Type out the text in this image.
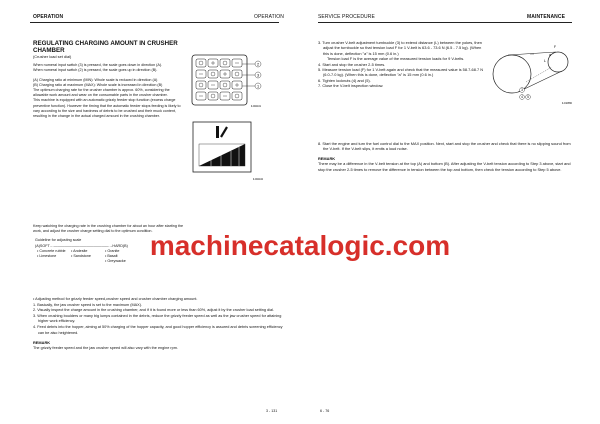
OPERATION	OPERATION	SERVICE PROCEDURE	MAINTENANCE

REGULATING CHARGING AMOUNT IN CRUSHER CHAMBER

(Crusher load set dial)

When numeral input switch (3) is pressed, the scale goes down in direction (A).

When numeral input switch (2) is pressed, the scale goes up in direction (B).

(A) Charging ratio at minimum (MIN): Whole scale is reduced in direction (A)

(B) Charging ratio at maximum (MAX): Whole scale is increased in direction (B)

The optimum charging rate for the crusher chamber is approx. 60%, considering the allowable work amount and wear on the consumable parts in the crusher chamber.

This machine is equipped with an automatic grizzly feeder stop function (excess charge preventive function). However the timing that the automatic feeder stops feeding is likely to vary according to the size and hardness of debris to be crushed and their muck content, resulting in the change in the actual charged amount in the crushing chamber.

Keep watching the charging rate in the crushing chamber for about an hour after starting the work, and adjust the crusher charge setting dial to the optimum condition.

Guideline for adjusting scale

(A)SOFT←———————————————→HARD(B)

• Concrete rubble	• Andesite	• Granite
• Limestone	• Sandstone	• Basalt
• Greywacke
2
3
1
0-002101
0-002102

• Adjusting method for grizzly feeder speed,crusher speed and crusher chamber charging amount.

1. Basically, the jaw crusher speed is set to the maximum (MAX).

2. Visually inspect the charge amount in the crushing chamber, and if it is found more or less than 60%, adjust it by the crusher load setting dial.

3. When crushing boulders or many big lumps contained in the debris, reduce the grizzly feeder speed as well as the jaw crusher speed for attaining higher work efficiency.

4. Feed debris into the hopper, aiming at 50% charging of the hopper capacity, and good hopper efficiency is assured and debris screening efficiency can be also heightened.

REMARK

The grizzly feeder speed and the jaw crusher speed will also vary with the engine rpm.

3. Turn crusher V-belt adjustment turnbuckle (3) to extend distance (L) between the yokes, then adjust the turnbuckle so that tension load F for 1 V-belt is 63.6 - 73.6 N (6.5 - 7.5 kg). (When this is done, deflection "a" is 15 mm (0.6 in.)

Tension load F is the average value of the measured tension loads for 9 V-belts.

4. Start and stop the crusher 2-5 times.

5. Measure tension load (F) for 1 V-belt again and check that the measured value is 58.7-68.7 N (6.0-7.0 kg). (When this is done, deflection "a" is 15 mm (0.6 in.)

6. Tighten locknuts (4) and (5).

7. Close the V-belt inspection window.

8. Start the engine and turn the fuel control dial to the MAX position. Next, start and stop the crusher and check that there is no slipping sound from the V-belt. If the V-belt slips, it emits a loud noise.

REMARK

There may be a difference in the V-belt tension at the top (A) and bottom (B). After adjusting the V-belt tension according to Step 3 above, start and stop the crusher 2-5 times to remove the difference in tension between the top and bottom, then check the tension according to Step 5 above.

3
4 5
L
a
F
0-010850
machinecatalogic.com
3 - 131	6 - 76
